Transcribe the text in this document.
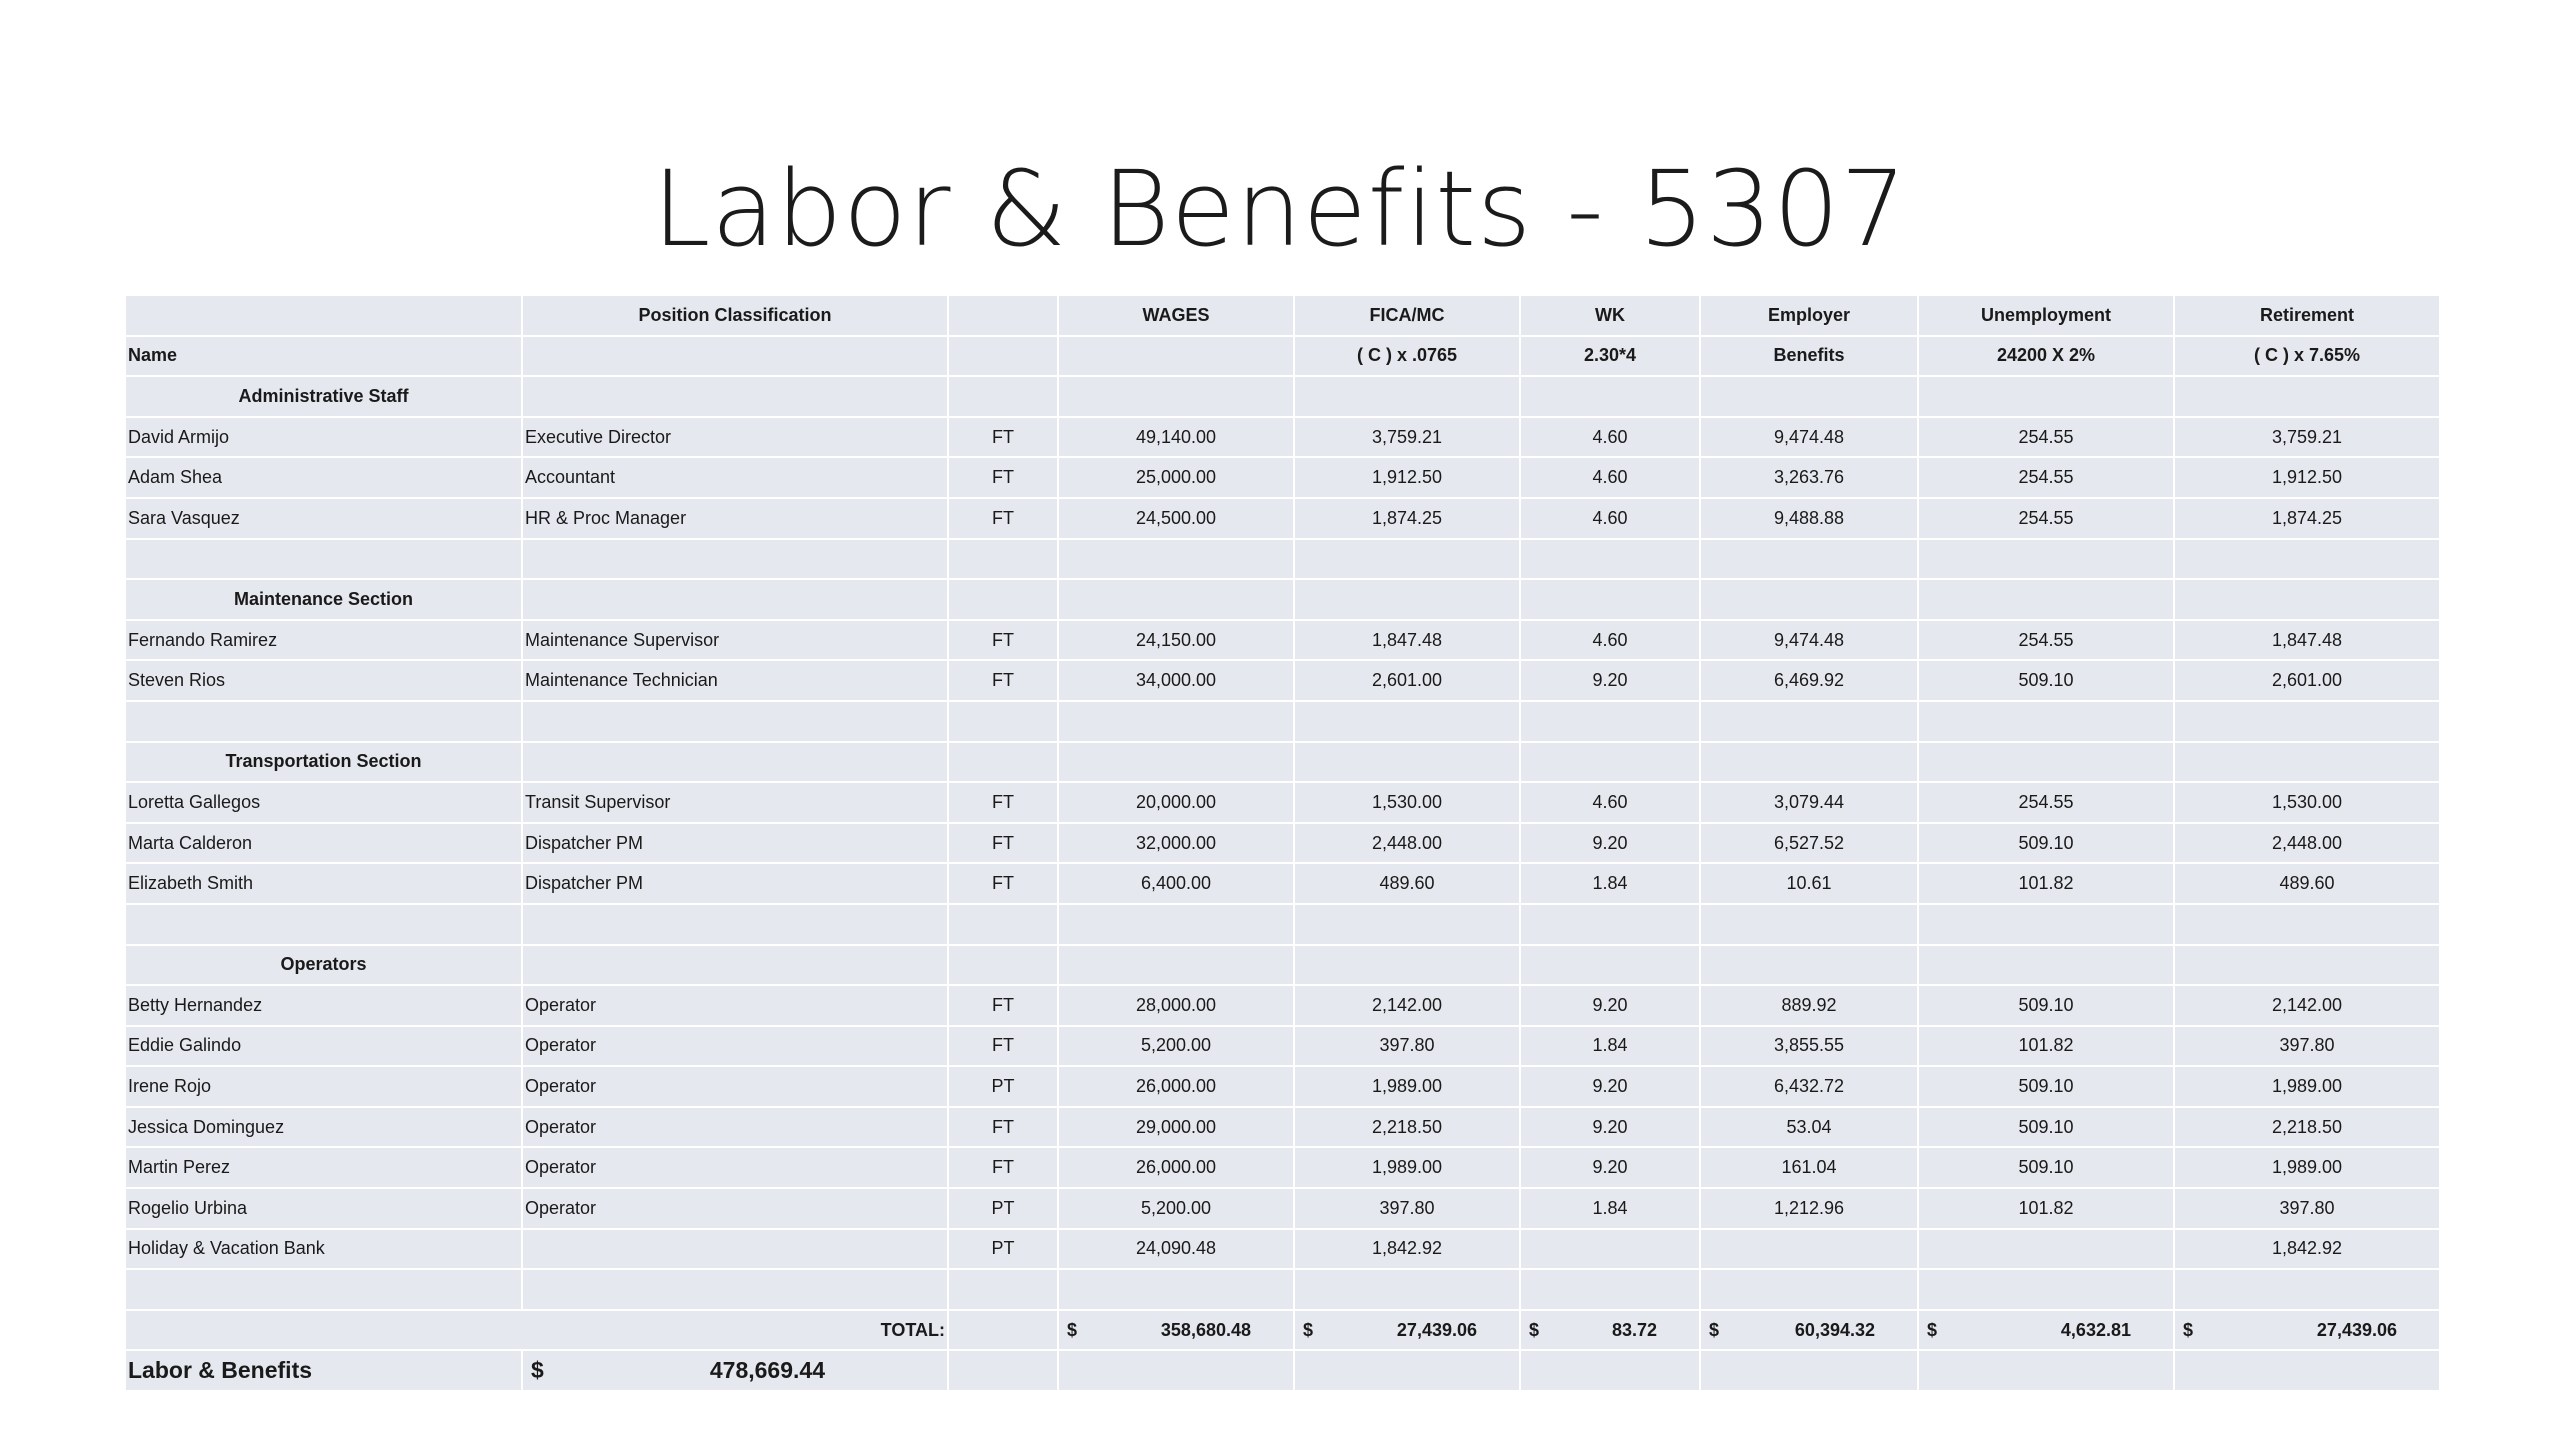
Labor & Benefits - 5307
	Position Classification		WAGES	FICA/MC	WK	Employer	Unemployment	Retirement
Name				( C ) x .0765	2.30*4	Benefits	24200 X 2%	( C ) x 7.65%
Administrative Staff								
David Armijo	Executive Director	FT	49,140.00	3,759.21	4.60	9,474.48	254.55	3,759.21
Adam Shea	Accountant	FT	25,000.00	1,912.50	4.60	3,263.76	254.55	1,912.50
Sara Vasquez	HR & Proc Manager	FT	24,500.00	1,874.25	4.60	9,488.88	254.55	1,874.25

Maintenance Section								
Fernando Ramirez	Maintenance Supervisor	FT	24,150.00	1,847.48	4.60	9,474.48	254.55	1,847.48
Steven Rios	Maintenance Technician	FT	34,000.00	2,601.00	9.20	6,469.92	509.10	2,601.00

Transportation Section								
Loretta Gallegos	Transit Supervisor	FT	20,000.00	1,530.00	4.60	3,079.44	254.55	1,530.00
Marta Calderon	Dispatcher PM	FT	32,000.00	2,448.00	9.20	6,527.52	509.10	2,448.00
Elizabeth Smith	Dispatcher PM	FT	6,400.00	489.60	1.84	10.61	101.82	489.60

Operators								
Betty Hernandez	Operator	FT	28,000.00	2,142.00	9.20	889.92	509.10	2,142.00
Eddie Galindo	Operator	FT	5,200.00	397.80	1.84	3,855.55	101.82	397.80
Irene Rojo	Operator	PT	26,000.00	1,989.00	9.20	6,432.72	509.10	1,989.00
Jessica Dominguez	Operator	FT	29,000.00	2,218.50	9.20	53.04	509.10	2,218.50
Martin Perez	Operator	FT	26,000.00	1,989.00	9.20	161.04	509.10	1,989.00
Rogelio Urbina	Operator	PT	5,200.00	397.80	1.84	1,212.96	101.82	397.80
Holiday & Vacation Bank		PT	24,090.48	1,842.92				1,842.92

TOTAL:			$ 358,680.48	$ 27,439.06	$ 83.72	$ 60,394.32	$ 4,632.81	$ 27,439.06

Labor & Benefits	$ 478,669.44							
